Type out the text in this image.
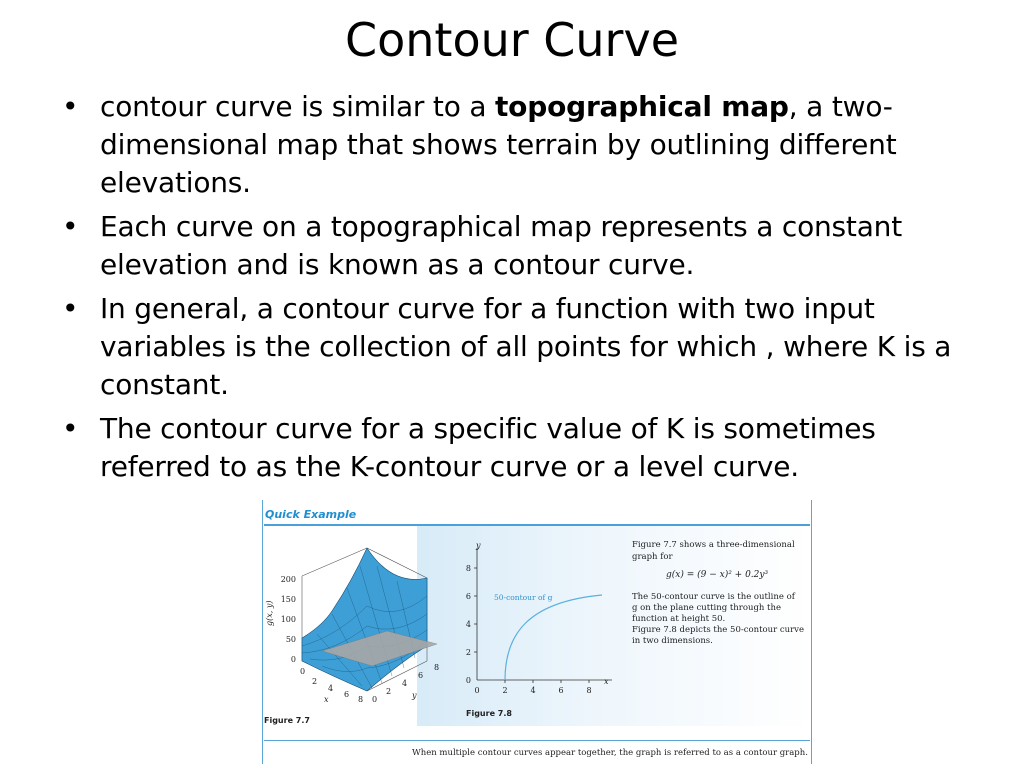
Contour Curve
• contour curve is similar to a topographical map, a two-dimensional map that shows terrain by outlining different elevations.
• Each curve on a topographical map represents a constant elevation and is known as a contour curve.
• In general, a contour curve for a function with two input variables is the collection of all points for which , where K is a constant.
• The contour curve for a specific value of K is sometimes referred to as the K-contour curve or a level curve.
Quick Example
200
150
100
50
0
g(x, y)
0
2
4
6
8
x	0
2
4
6
8
y
Figure 7.7
50-contour of g
8
6
4
2
0
0	2	4	6	8
y
x
Figure 7.8
Figure 7.7 shows a three-dimensional
graph for
g(x) = (9 − x)² + 0.2y³
The 50-contour curve is the outline of
g on the plane cutting through the
function at height 50.
Figure 7.8 depicts the 50-contour curve
in two dimensions.
When multiple contour curves appear together, the graph is referred to as a contour graph.
